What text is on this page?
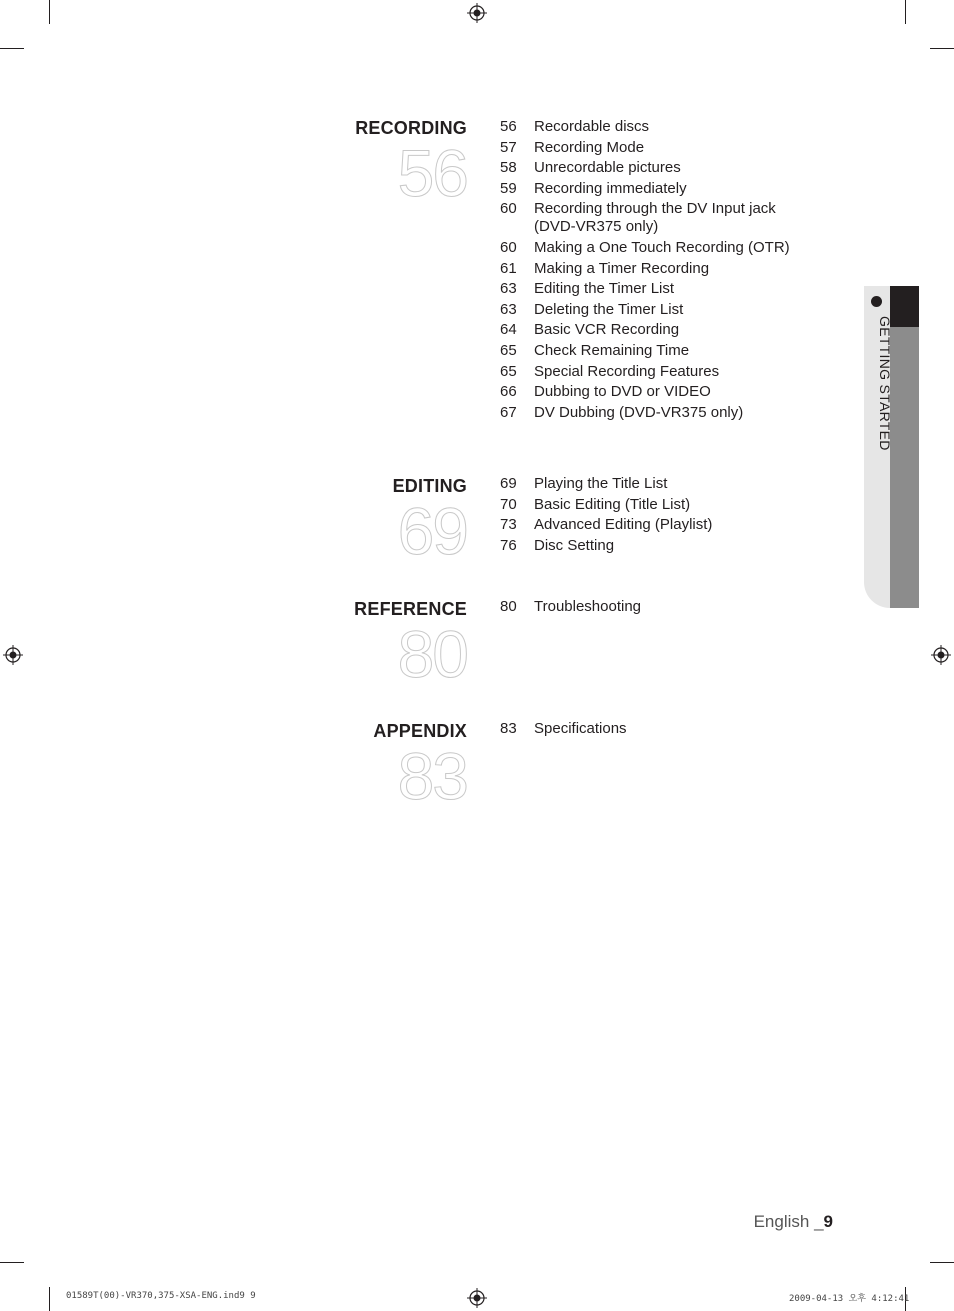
RECORDING
56
56	Recordable discs
57	Recording Mode
58	Unrecordable pictures
59	Recording immediately
60	Recording through the DV Input jack (DVD-VR375 only)
60	Making a One Touch Recording (OTR)
61	Making a Timer Recording
63	Editing the Timer List
63	Deleting the Timer List
64	Basic VCR Recording
65	Check Remaining Time
65	Special Recording Features
66	Dubbing to DVD or VIDEO
67	DV Dubbing (DVD-VR375 only)
EDITING
69
69	Playing the Title List
70	Basic Editing (Title List)
73	Advanced Editing (Playlist)
76	Disc Setting
REFERENCE
80
80	Troubleshooting
APPENDIX
83
83	Specifications
GETTING STARTED
English _9
01589T(00)-VR370,375-XSA-ENG.ind9 9	2009-04-13 오후 4:12:41
